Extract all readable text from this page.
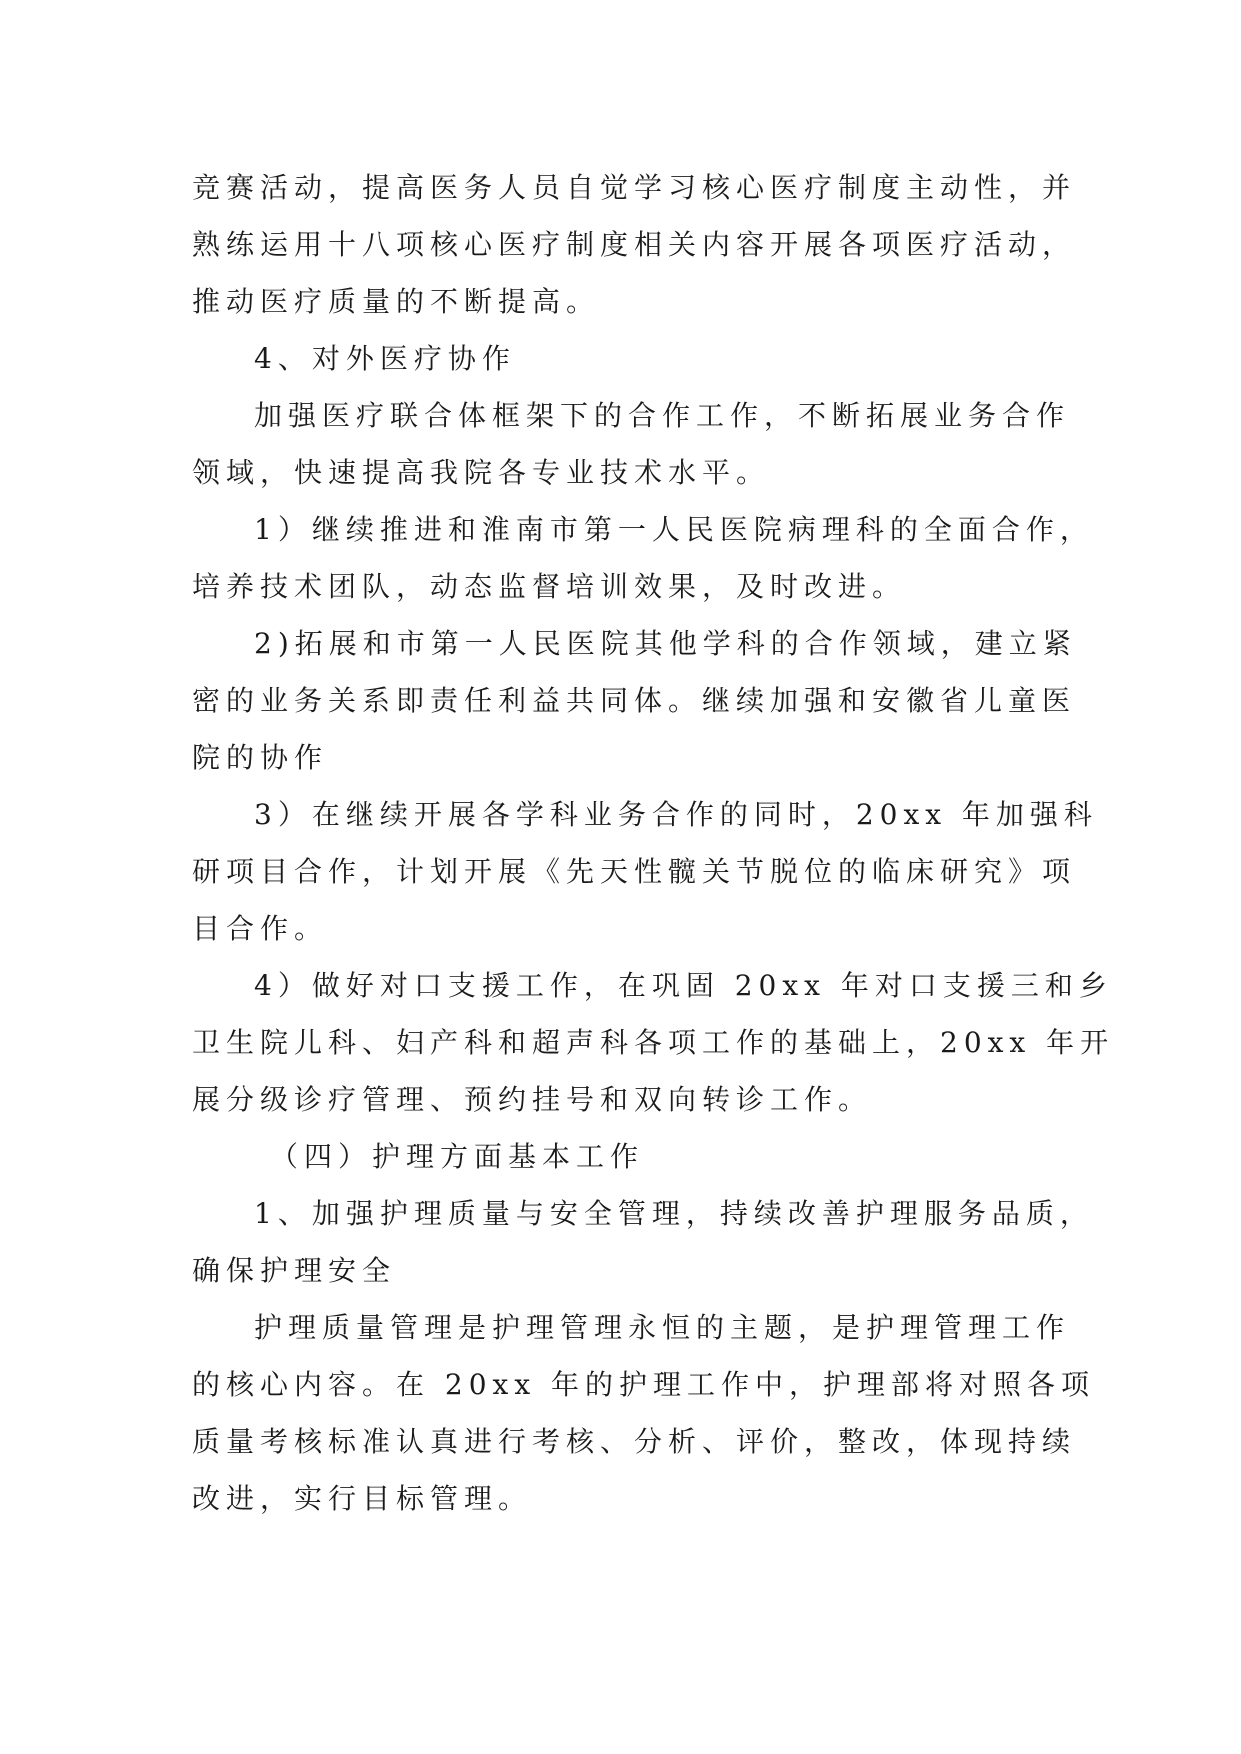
竞赛活动，提高医务人员自觉学习核心医疗制度主动性，并
熟练运用十八项核心医疗制度相关内容开展各项医疗活动，
推动医疗质量的不断提高。
4、对外医疗协作
加强医疗联合体框架下的合作工作，不断拓展业务合作
领域，快速提高我院各专业技术水平。
1）继续推进和淮南市第一人民医院病理科的全面合作，
培养技术团队，动态监督培训效果，及时改进。
2)拓展和市第一人民医院其他学科的合作领域，建立紧
密的业务关系即责任利益共同体。继续加强和安徽省儿童医
院的协作
3）在继续开展各学科业务合作的同时，20xx 年加强科
研项目合作，计划开展《先天性髋关节脱位的临床研究》项
目合作。
4）做好对口支援工作，在巩固 20xx 年对口支援三和乡
卫生院儿科、妇产科和超声科各项工作的基础上，20xx 年开
展分级诊疗管理、预约挂号和双向转诊工作。
（四）护理方面基本工作
1、加强护理质量与安全管理，持续改善护理服务品质，
确保护理安全
护理质量管理是护理管理永恒的主题，是护理管理工作
的核心内容。在 20xx 年的护理工作中，护理部将对照各项
质量考核标准认真进行考核、分析、评价，整改，体现持续
改进，实行目标管理。
